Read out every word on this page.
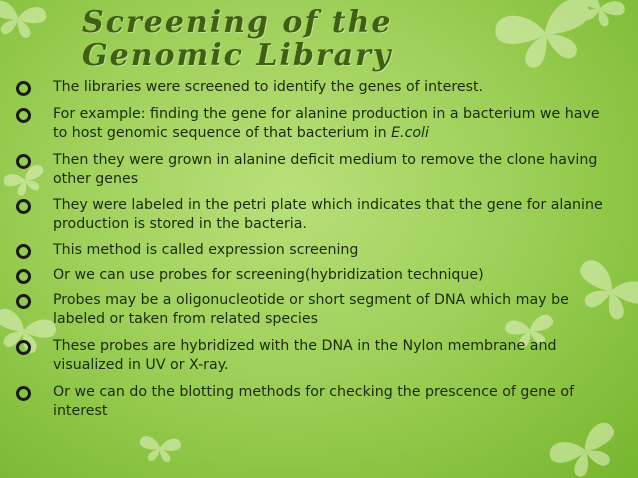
Screening of the
Genomic Library
The libraries were screened to identify the genes of interest.
For example: finding the gene for alanine production in a bacterium we have to host genomic sequence of that bacterium in E.coli
Then they were grown in alanine deficit medium to remove the clone having other genes
They were labeled in the petri plate which indicates that the gene for alanine production is stored in the bacteria.
This method is called expression screening
Or we can use probes for screening(hybridization technique)
Probes may be a oligonucleotide or short segment of DNA which may be labeled or taken from related species
These probes are hybridized with the DNA in the Nylon membrane and visualized in UV or X-ray.
Or we can do the blotting methods for checking the prescence of gene of interest
